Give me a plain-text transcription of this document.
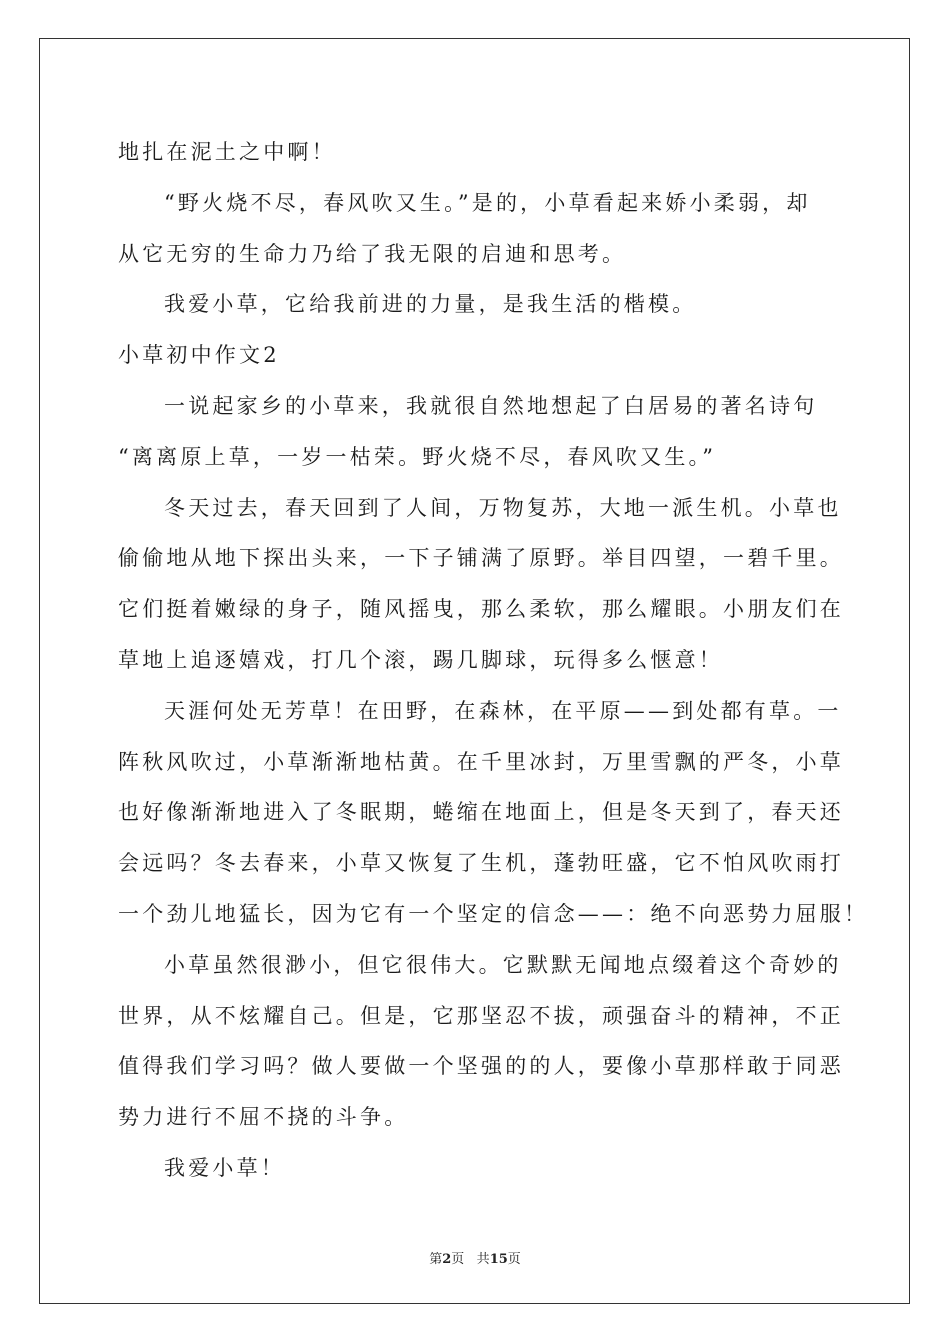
地扎在泥土之中啊！
“野火烧不尽，春风吹又生。”是的，小草看起来娇小柔弱，却
从它无穷的生命力乃给了我无限的启迪和思考。
我爱小草，它给我前进的力量，是我生活的楷模。
小草初中作文2
一说起家乡的小草来，我就很自然地想起了白居易的著名诗句
“离离原上草，一岁一枯荣。野火烧不尽，春风吹又生。”
冬天过去，春天回到了人间，万物复苏，大地一派生机。小草也
偷偷地从地下探出头来，一下子铺满了原野。举目四望，一碧千里。
它们挺着嫩绿的身子，随风摇曳，那么柔软，那么耀眼。小朋友们在
草地上追逐嬉戏，打几个滚，踢几脚球，玩得多么惬意！
天涯何处无芳草！在田野，在森林，在平原——到处都有草。一
阵秋风吹过，小草渐渐地枯黄。在千里冰封，万里雪飘的严冬，小草
也好像渐渐地进入了冬眠期，蜷缩在地面上，但是冬天到了，春天还
会远吗？冬去春来，小草又恢复了生机，蓬勃旺盛，它不怕风吹雨打
一个劲儿地猛长，因为它有一个坚定的信念——：绝不向恶势力屈服！
小草虽然很渺小，但它很伟大。它默默无闻地点缀着这个奇妙的
世界，从不炫耀自己。但是，它那坚忍不拔，顽强奋斗的精神，不正
值得我们学习吗？做人要做一个坚强的的人，要像小草那样敢于同恶
势力进行不屈不挠的斗争。
我爱小草！
第2页 共15页
